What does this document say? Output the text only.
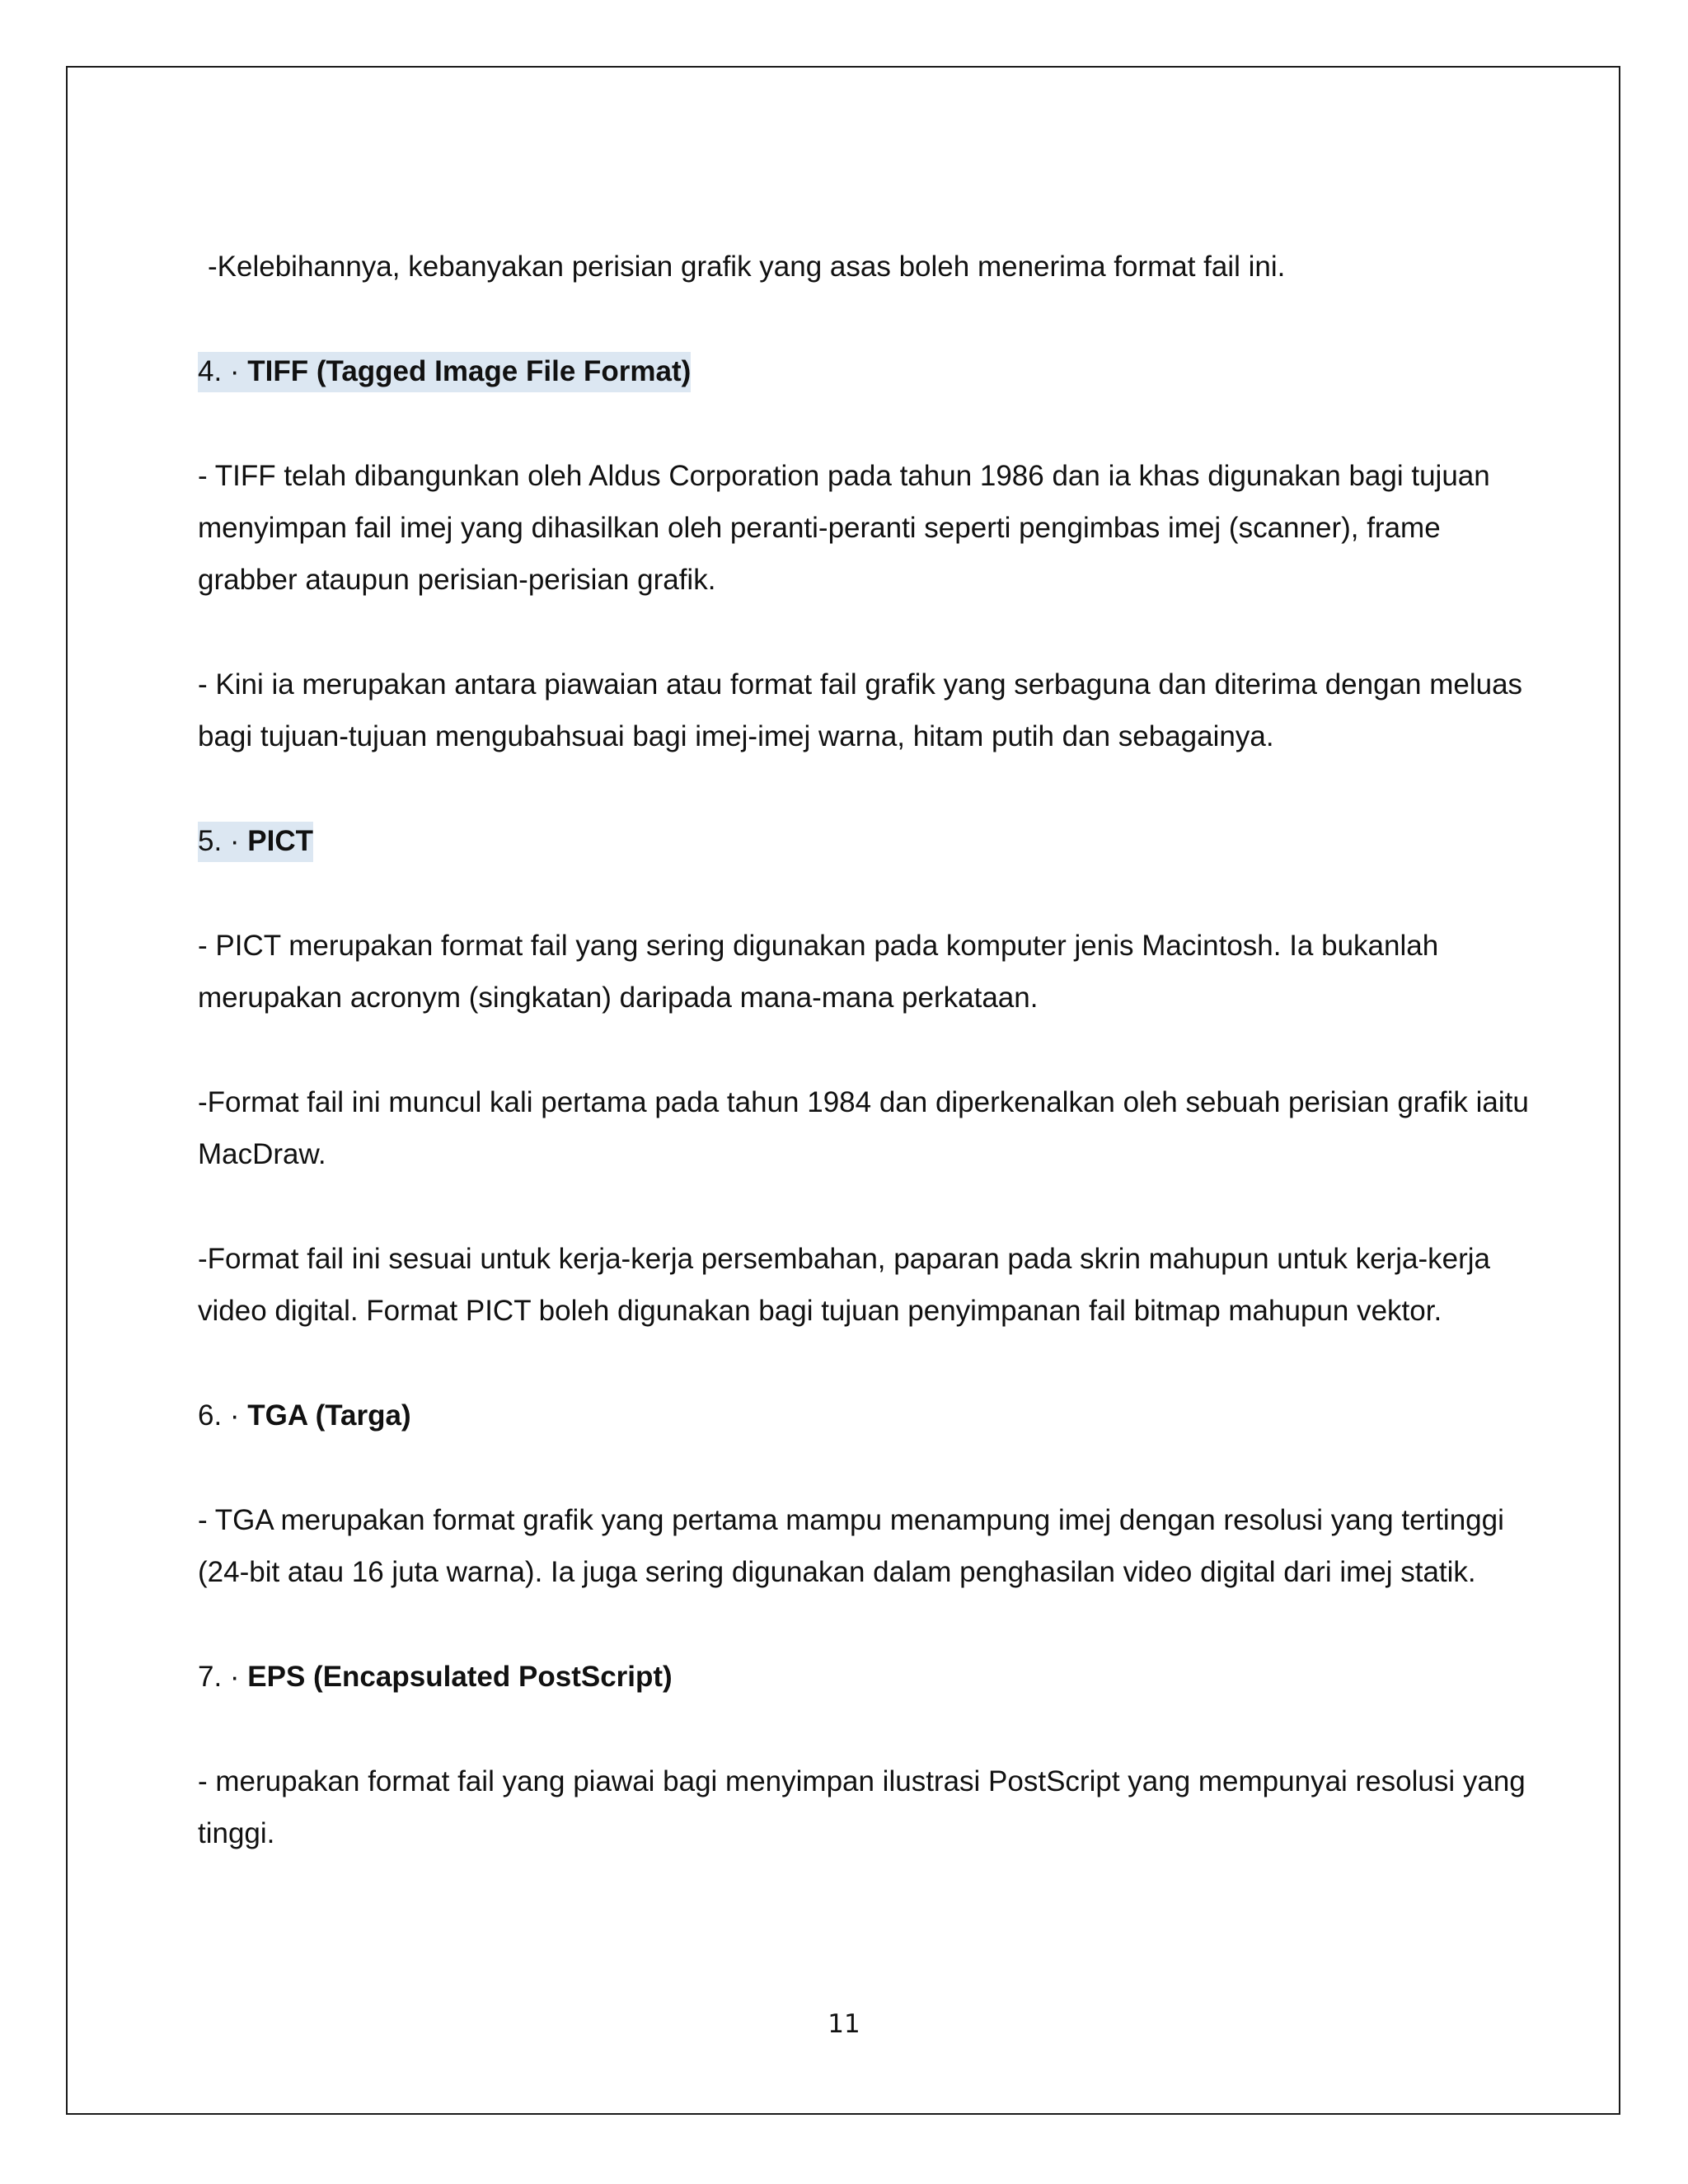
-Kelebihannya, kebanyakan perisian grafik yang asas boleh menerima format fail ini.

4. · TIFF (Tagged Image File Format)

- TIFF telah dibangunkan oleh Aldus Corporation pada tahun 1986 dan ia khas digunakan bagi tujuan menyimpan fail imej yang dihasilkan oleh peranti-peranti seperti pengimbas imej (scanner), frame grabber ataupun perisian-perisian grafik.

- Kini ia merupakan antara piawaian atau format fail grafik yang serbaguna dan diterima dengan meluas bagi tujuan-tujuan mengubahsuai bagi imej-imej warna, hitam putih dan sebagainya.

5. · PICT

- PICT merupakan format fail yang sering digunakan pada komputer jenis Macintosh. Ia bukanlah merupakan acronym (singkatan) daripada mana-mana perkataan.

-Format fail ini muncul kali pertama pada tahun 1984 dan diperkenalkan oleh sebuah perisian grafik iaitu MacDraw.

-Format fail ini sesuai untuk kerja-kerja persembahan, paparan pada skrin mahupun untuk kerja-kerja video digital. Format PICT boleh digunakan bagi tujuan penyimpanan fail bitmap mahupun vektor.

6. · TGA (Targa)

- TGA merupakan format grafik yang pertama mampu menampung imej dengan resolusi yang tertinggi (24-bit atau 16 juta warna). Ia juga sering digunakan dalam penghasilan video digital dari imej statik.

7. · EPS (Encapsulated PostScript)

- merupakan format fail yang piawai bagi menyimpan ilustrasi PostScript yang mempunyai resolusi yang tinggi.

11
